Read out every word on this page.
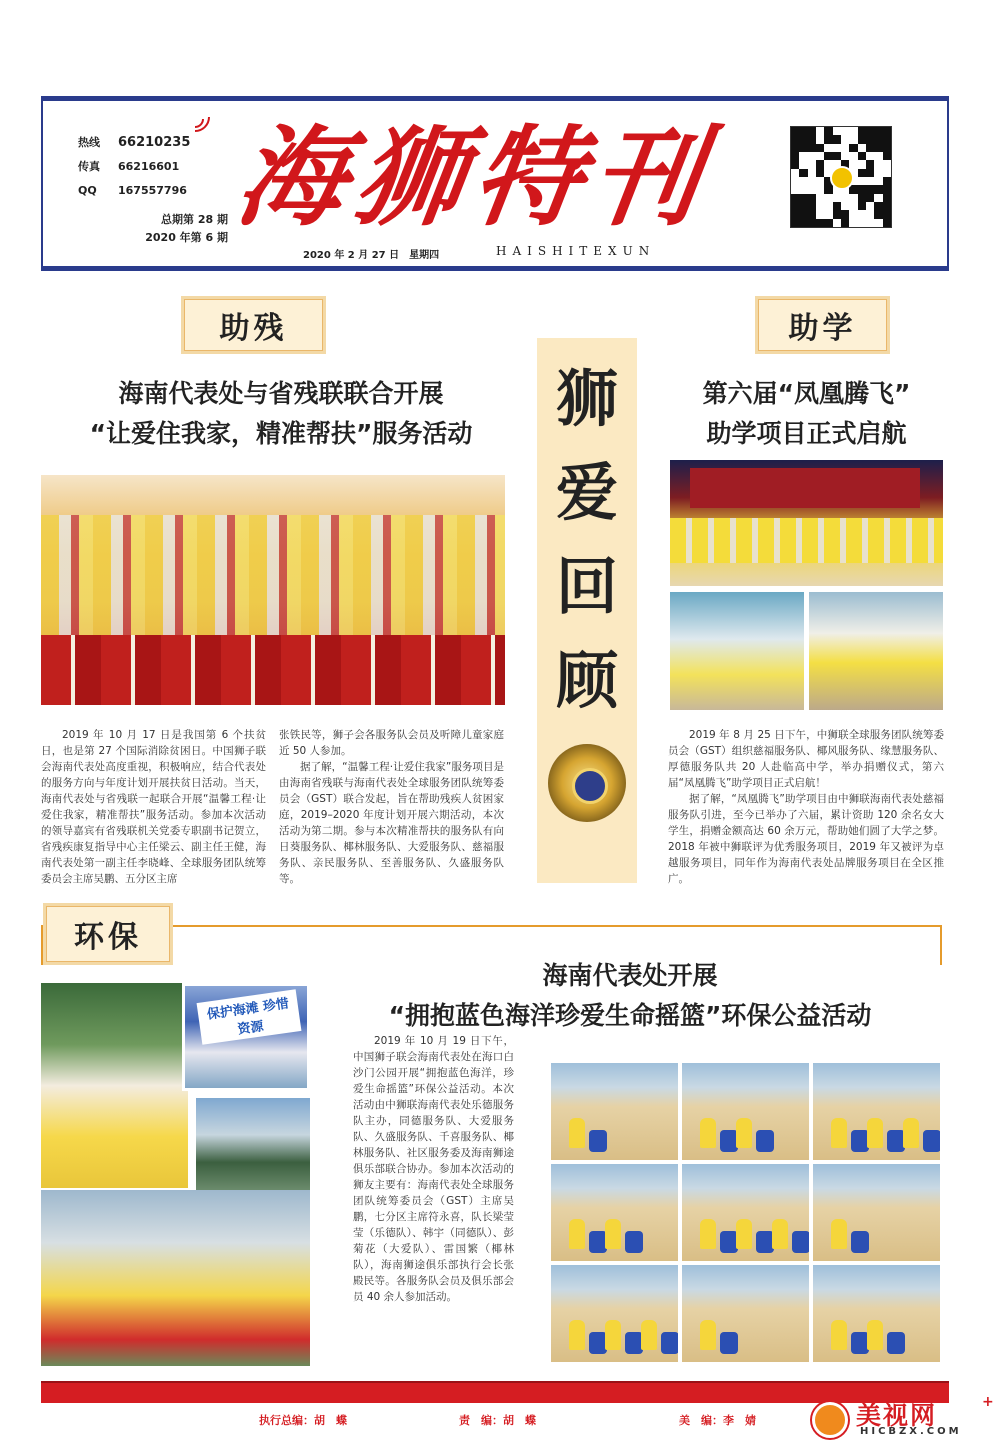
热线	66210235
传真	66216601
QQ	167557796
总期第 28 期
2020 年第 6 期 海狮特刊
2020 年 2 月 27 日　星期四	HAISHITEXUN
助残
海南代表处与省残联联合开展
“让爱住我家，精准帮扶”服务活动

2019 年 10 月 17 日是我国第 6 个扶贫日，也是第 27 个国际消除贫困日。中国狮子联会海南代表处高度重视，积极响应，结合代表处的服务方向与年度计划开展扶贫日活动。当天，海南代表处与省残联一起联合开展“温馨工程·让爱住我家，精准帮扶”服务活动。参加本次活动的领导嘉宾有省残联机关党委专职副书记贺立，省残疾康复指导中心主任梁云、副主任王健，海南代表处第一副主任李晓峰、全球服务团队统筹委员会主席吴鹏、五分区主席

张铁民等，狮子会各服务队会员及听障儿童家庭近 50 人参加。

据了解，“温馨工程·让爱住我家”服务项目是由海南省残联与海南代表处全球服务团队统筹委员会（GST）联合发起，旨在帮助残疾人贫困家庭，2019–2020 年度计划开展六期活动，本次活动为第二期。参与本次精准帮扶的服务队有向日葵服务队、椰林服务队、大爱服务队、慈福服务队、亲民服务队、至善服务队、久盛服务队等。

狮
爱
回
顾
助学
第六届“凤凰腾飞”
助学项目正式启航

2019 年 8 月 25 日下午，中狮联全球服务团队统筹委员会（GST）组织慈福服务队、椰风服务队、缘慧服务队、厚德服务队共 20 人赴临高中学，举办捐赠仪式，第六届“凤凰腾飞”助学项目正式启航！

据了解，“凤凰腾飞”助学项目由中狮联海南代表处慈福服务队引进，至今已举办了六届，累计资助 120 余名女大学生，捐赠金额高达 60 余万元，帮助她们圆了大学之梦。2018 年被中狮联评为优秀服务项目，2019 年又被评为卓越服务项目，同年作为海南代表处品牌服务项目在全区推广。

环保
海南代表处开展
“拥抱蓝色海洋珍爱生命摇篮”环保公益活动
保护海滩 珍惜资源

2019 年 10 月 19 日下午，中国狮子联会海南代表处在海口白沙门公园开展“拥抱蓝色海洋，珍爱生命摇篮”环保公益活动。本次活动由中狮联海南代表处乐德服务队主办，同德服务队、大爱服务队、久盛服务队、千喜服务队、椰林服务队、社区服务委及海南狮途俱乐部联合协办。参加本次活动的狮友主要有：海南代表处全球服务团队统筹委员会（GST）主席吴鹏，七分区主席符永喜，队长梁莹莹（乐德队）、韩宇（同德队）、彭菊花（大爱队）、雷国繁（椰林队），海南狮途俱乐部执行会长张殿民等。各服务队会员及俱乐部会员 40 余人参加活动。

执行总编：胡　蝶	责　编：胡　蝶	美　编：李　婧	美视网	+
HICBZX.COM
